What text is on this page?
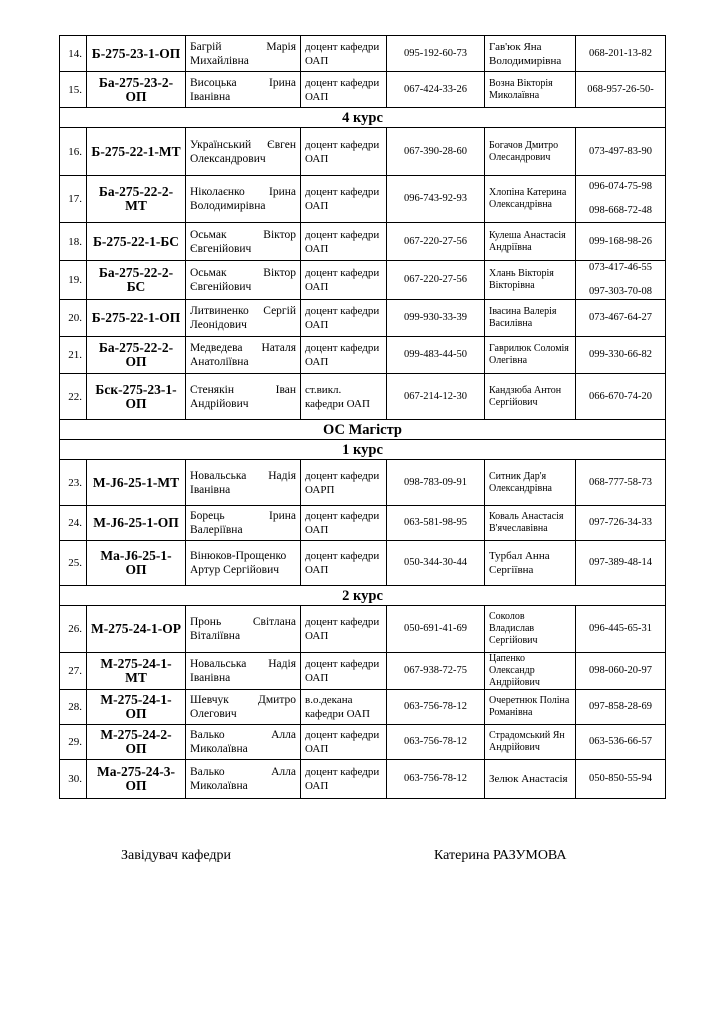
14.	Б-275-23-1-ОП	Багрій Марія Михайлівна	доцент кафедри ОАП	095-192-60-73	Гав'юк Яна Володимирівна	068-201-13-82
15.	Ба-275-23-2-ОП	Висоцька Ірина Іванівна	доцент кафедри ОАП	067-424-33-26	Возна Вікторія Миколаївна	068-957-26-50-
4 курс						
16.	Б-275-22-1-МТ	Український Євген Олександрович	доцент кафедри ОАП	067-390-28-60	Богачов Дмитро Олесандрович	073-497-83-90
17.	Ба-275-22-2-МТ	Ніколаєнко Ірина Володимирівна	доцент кафедри ОАП	096-743-92-93	Хлопіна Катерина Олександрівна	096-074-75-98
098-668-72-48
18.	Б-275-22-1-БС	Осьмак Віктор Євгенійович	доцент кафедри ОАП	067-220-27-56	Кулеша Анастасія Андріївна	099-168-98-26
19.	Ба-275-22-2-БС	Осьмак Віктор Євгенійович	доцент кафедри ОАП	067-220-27-56	Хлань Вікторія Вікторівна	073-417-46-55
097-303-70-08
20.	Б-275-22-1-ОП	Литвиненко Сергій Леонідович	доцент кафедри ОАП	099-930-33-39	Івасина Валерія Василівна	073-467-64-27
21.	Ба-275-22-2-ОП	Медведева Наталя Анатоліївна	доцент кафедри ОАП	099-483-44-50	Гаврилюк Соломія Олегівна	099-330-66-82
22.	Бск-275-23-1-ОП	Стенякін Іван Андрійович	ст.викл. кафедри ОАП	067-214-12-30	Кандзюба Антон Сергійович	066-670-74-20
ОС Магістр						
1 курс						
23.	М-J6-25-1-МТ	Новальська Надія Іванівна	доцент кафедри ОАРП	098-783-09-91	Ситник Дар'я Олександрівна	068-777-58-73
24.	М-J6-25-1-ОП	Борець Ірина Валеріївна	доцент кафедри ОАП	063-581-98-95	Коваль Анастасія В'ячеславівна	097-726-34-33
25.	Ма-J6-25-1-ОП	Вінюков-Прощенко Артур Сергійович	доцент кафедри ОАП	050-344-30-44	Турбал Анна Сергіївна	097-389-48-14
2 курс						
26.	М-275-24-1-ОР	Пронь Світлана Віталіївна	доцент кафедри ОАП	050-691-41-69	Соколов Владислав Сергійович	096-445-65-31
27.	М-275-24-1-МТ	Новальська Надія Іванівна	доцент кафедри ОАП	067-938-72-75	Цапенко Олександр Андрійович	098-060-20-97
28.	М-275-24-1-ОП	Шевчук Дмитро Олегович	в.о.декана кафедри ОАП	063-756-78-12	Очеретнюк Поліна Романівна	097-858-28-69
29.	М-275-24-2-ОП	Валько Алла Миколаївна	доцент кафедри ОАП	063-756-78-12	Страдомський Ян Андрійович	063-536-66-57
30.	Ма-275-24-3-ОП	Валько Алла Миколаївна	доцент кафедри ОАП	063-756-78-12	Зелюк Анастасія	050-850-55-94
Завідувач кафедри	Катерина РАЗУМОВА
